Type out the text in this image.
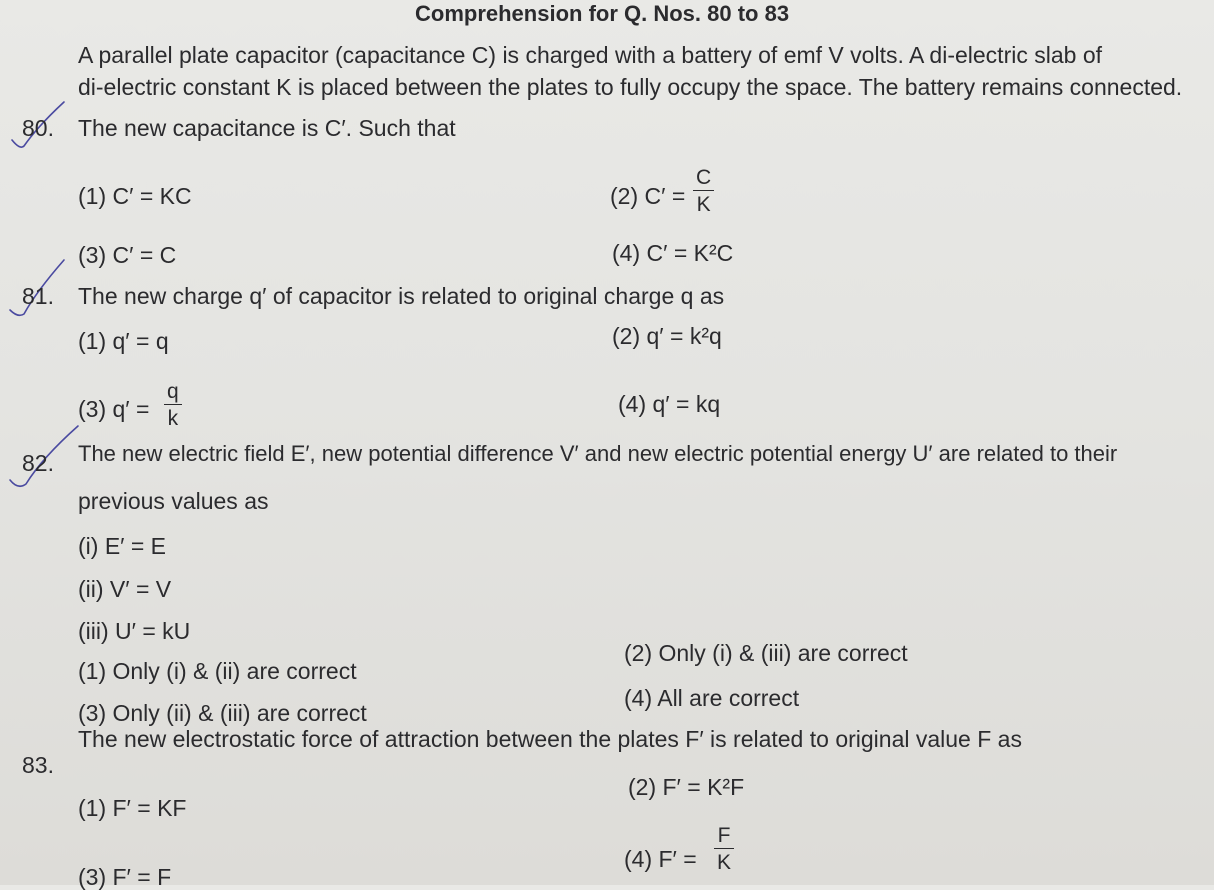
Comprehension for Q. Nos. 80 to 83
A parallel plate capacitor (capacitance C) is charged with a battery of emf V volts. A di-electric slab of
di-electric constant K is placed between the plates to fully occupy the space. The battery remains connected.
80. The new capacitance is C′. Such that
(1) C′ = KC	(2) C′ =
C
K
(3) C′ = C	(4) C′ = K²C
81. The new charge q′ of capacitor is related to original charge q as
(1) q′ = q	(2) q′ = k²q
(3) q′ =
q
k
(4) q′ = kq
82. The new electric field E′, new potential difference V′ and new electric potential energy U′ are related to their
previous values as
(i) E′ = E
(ii) V′ = V
(iii) U′ = kU
(1) Only (i) & (ii) are correct
(2) Only (i) & (iii) are correct
(3) Only (ii) & (iii) are correct
(4) All are correct
83.
The new electrostatic force of attraction between the plates F′ is related to original value F as
(2) F′ = K²F
(1) F′ = KF
(4) F′ =
F
K
(3) F′ = F
